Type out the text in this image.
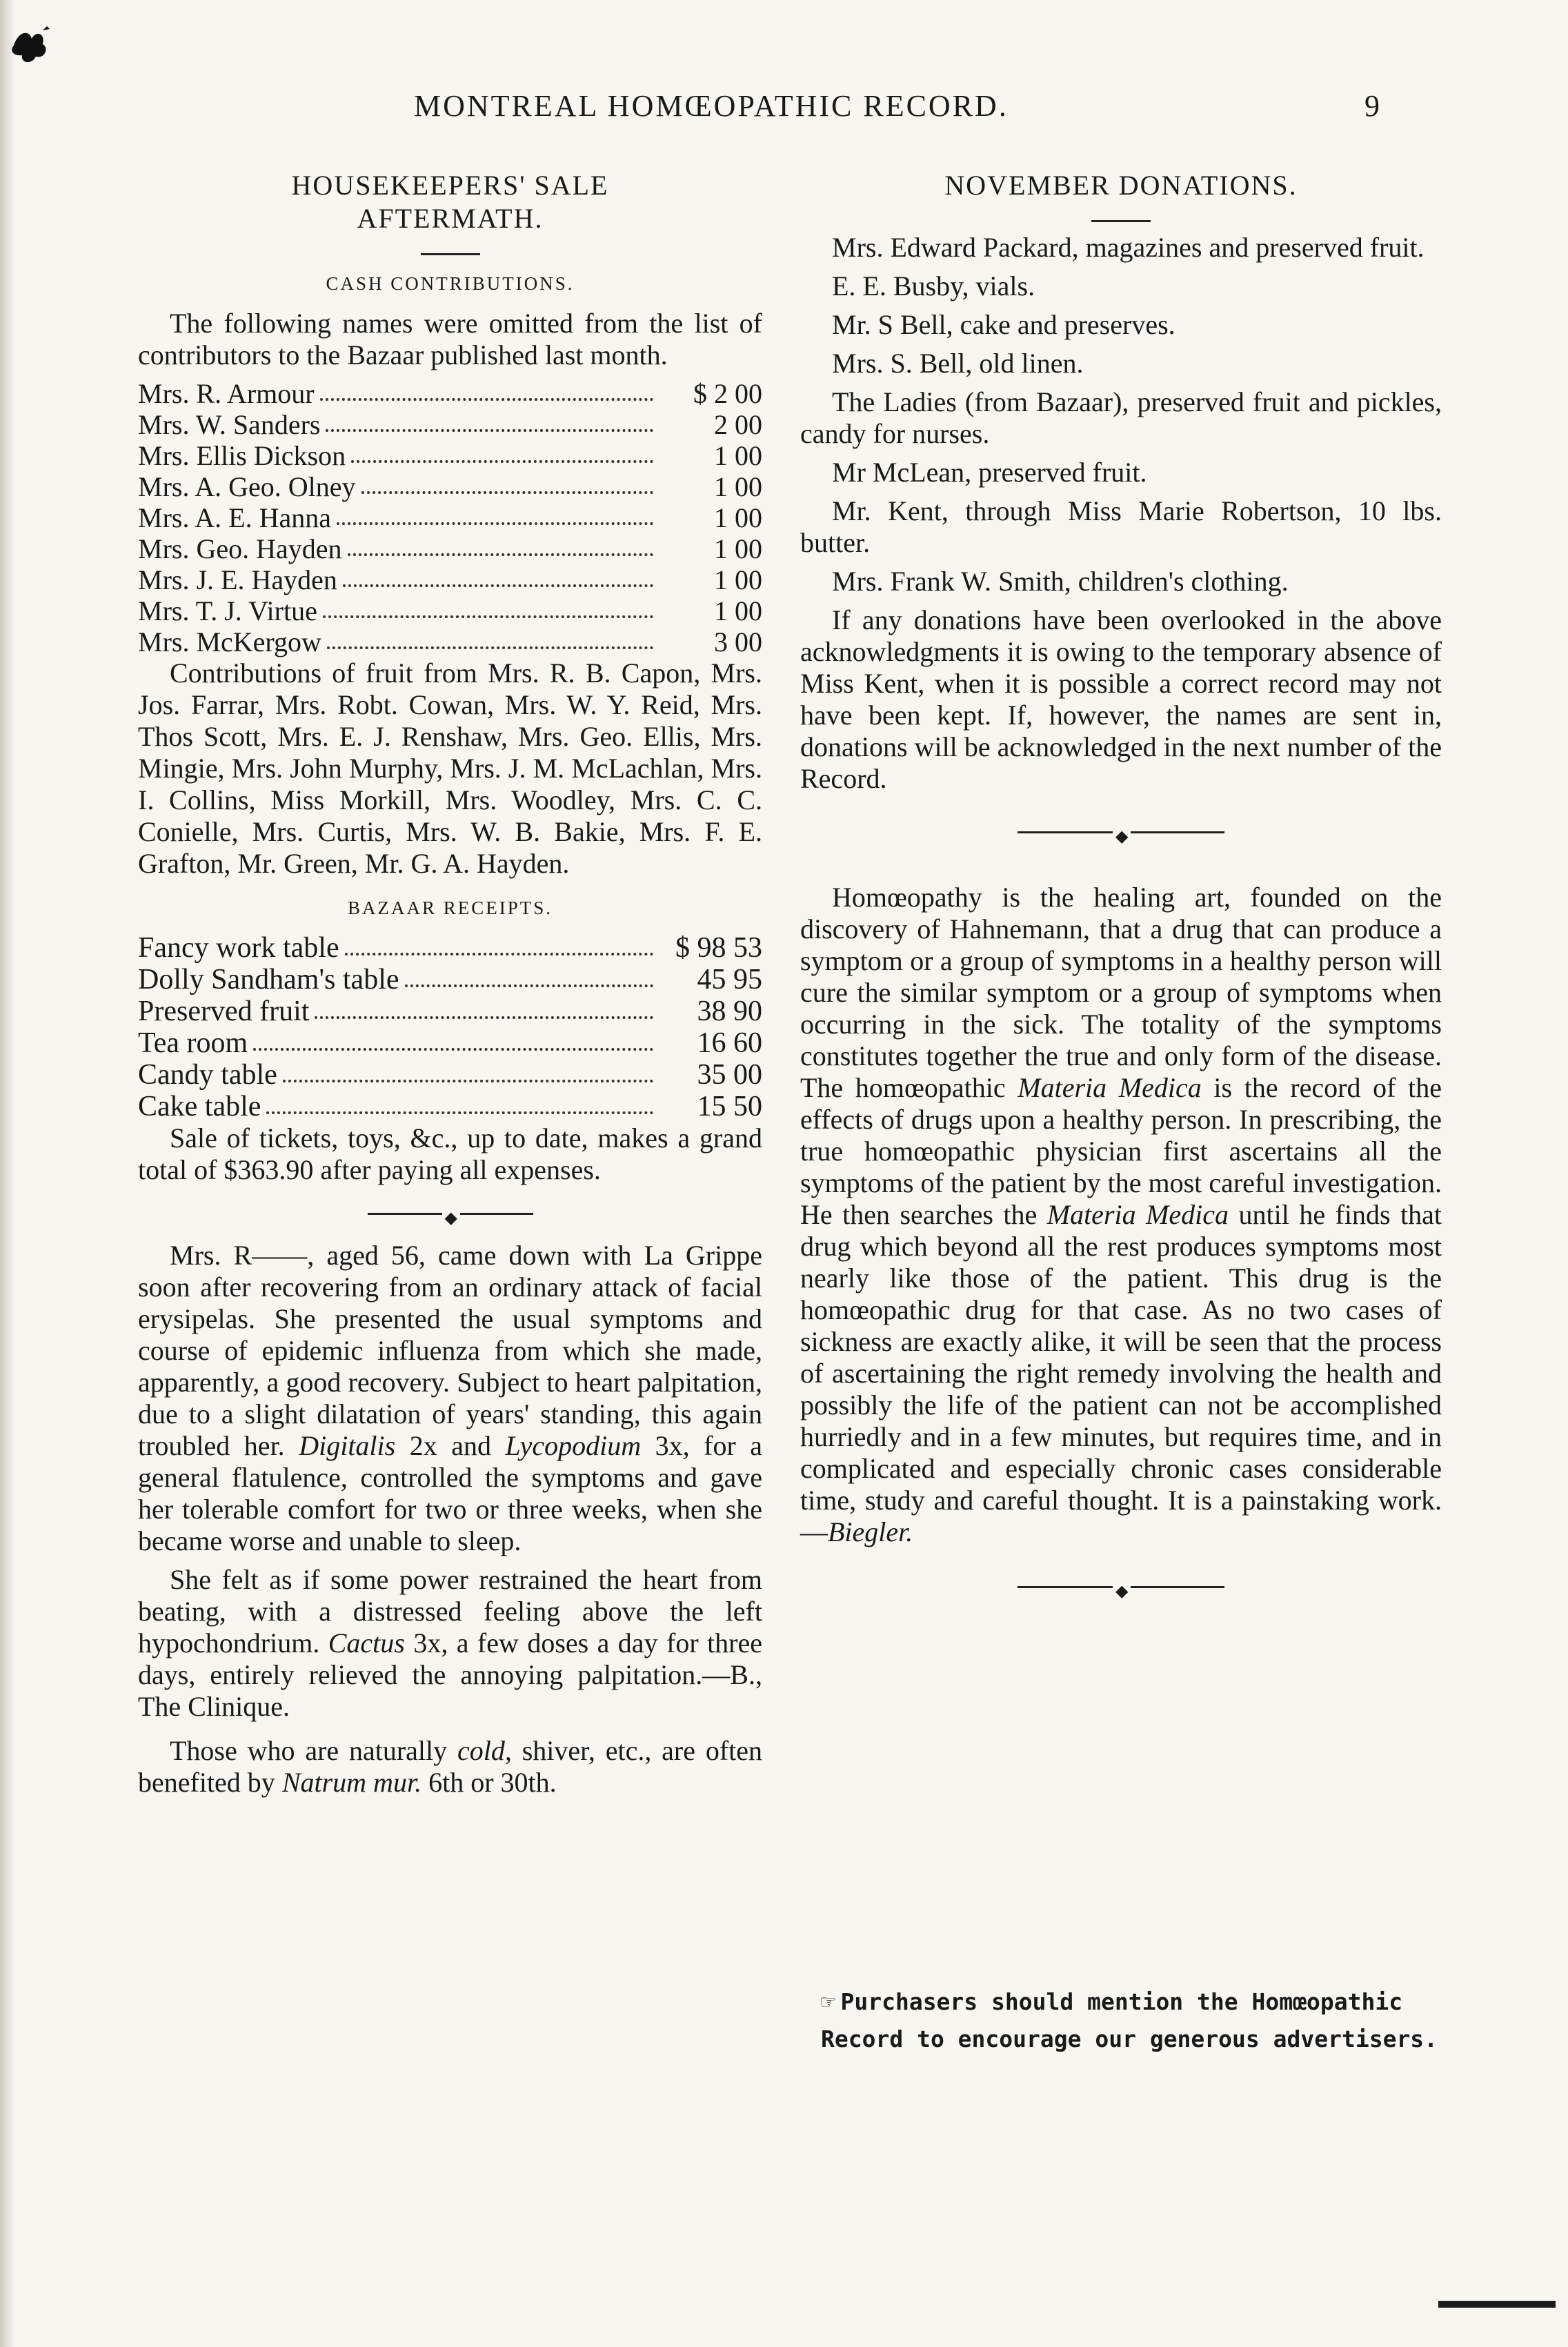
MONTREAL HOMŒOPATHIC RECORD.	9
HOUSEKEEPERS' SALE
AFTERMATH.
CASH CONTRIBUTIONS.

The following names were omitted from the list of contributors to the Bazaar published last month.

Mrs. R. Armour	$ 2 00
Mrs. W. Sanders	2 00
Mrs. Ellis Dickson	1 00
Mrs. A. Geo. Olney	1 00
Mrs. A. E. Hanna	1 00
Mrs. Geo. Hayden	1 00
Mrs. J. E. Hayden	1 00
Mrs. T. J. Virtue	1 00
Mrs. McKergow	3 00

Contributions of fruit from Mrs. R. B. Capon, Mrs. Jos. Farrar, Mrs. Robt. Cowan, Mrs. W. Y. Reid, Mrs. Thos Scott, Mrs. E. J. Renshaw, Mrs. Geo. Ellis, Mrs. Mingie, Mrs. John Murphy, Mrs. J. M. McLachlan, Mrs. I. Collins, Miss Morkill, Mrs. Woodley, Mrs. C. C. Conielle, Mrs. Curtis, Mrs. W. B. Bakie, Mrs. F. E. Grafton, Mr. Green, Mr. G. A. Hayden.

BAZAAR RECEIPTS.
Fancy work table	$ 98 53
Dolly Sandham's table	45 95
Preserved fruit	38 90
Tea room	16 60
Candy table	35 00
Cake table	15 50

Sale of tickets, toys, &c., up to date, makes a grand total of $363.90 after paying all expenses.

◆

Mrs. R——, aged 56, came down with La Grippe soon after recovering from an ordinary attack of facial erysipelas. She presented the usual symptoms and course of epidemic influenza from which she made, apparently, a good recovery. Subject to heart palpitation, due to a slight dilatation of years' standing, this again troubled her. Digitalis 2x and Lycopodium 3x, for a general flatulence, controlled the symptoms and gave her tolerable comfort for two or three weeks, when she became worse and unable to sleep.

She felt as if some power restrained the heart from beating, with a distressed feeling above the left hypochondrium. Cactus 3x, a few doses a day for three days, entirely relieved the annoying palpitation.—B., The Clinique.

Those who are naturally cold, shiver, etc., are often benefited by Natrum mur. 6th or 30th.

NOVEMBER DONATIONS.

Mrs. Edward Packard, magazines and preserved fruit.

E. E. Busby, vials.

Mr. S Bell, cake and preserves.

Mrs. S. Bell, old linen.

The Ladies (from Bazaar), preserved fruit and pickles, candy for nurses.

Mr McLean, preserved fruit.

Mr. Kent, through Miss Marie Robertson, 10 lbs. butter.

Mrs. Frank W. Smith, children's clothing.

If any donations have been overlooked in the above acknowledgments it is owing to the temporary absence of Miss Kent, when it is possible a correct record may not have been kept. If, however, the names are sent in, donations will be acknowledged in the next number of the Record.

◆

Homœopathy is the healing art, founded on the discovery of Hahnemann, that a drug that can produce a symptom or a group of symptoms in a healthy person will cure the similar symptom or a group of symptoms when occurring in the sick. The totality of the symptoms constitutes together the true and only form of the disease. The homœopathic Materia Medica is the record of the effects of drugs upon a healthy person. In prescribing, the true homœopathic physician first ascertains all the symptoms of the patient by the most careful investigation. He then searches the Materia Medica until he finds that drug which beyond all the rest produces symptoms most nearly like those of the patient. This drug is the homœopathic drug for that case. As no two cases of sickness are exactly alike, it will be seen that the process of ascertaining the right remedy involving the health and possibly the life of the patient can not be accomplished hurriedly and in a few minutes, but requires time, and in complicated and especially chronic cases considerable time, study and careful thought. It is a painstaking work.—Biegler.

◆
☞ Purchasers should mention the Homœopathic Record to encourage our generous advertisers.
